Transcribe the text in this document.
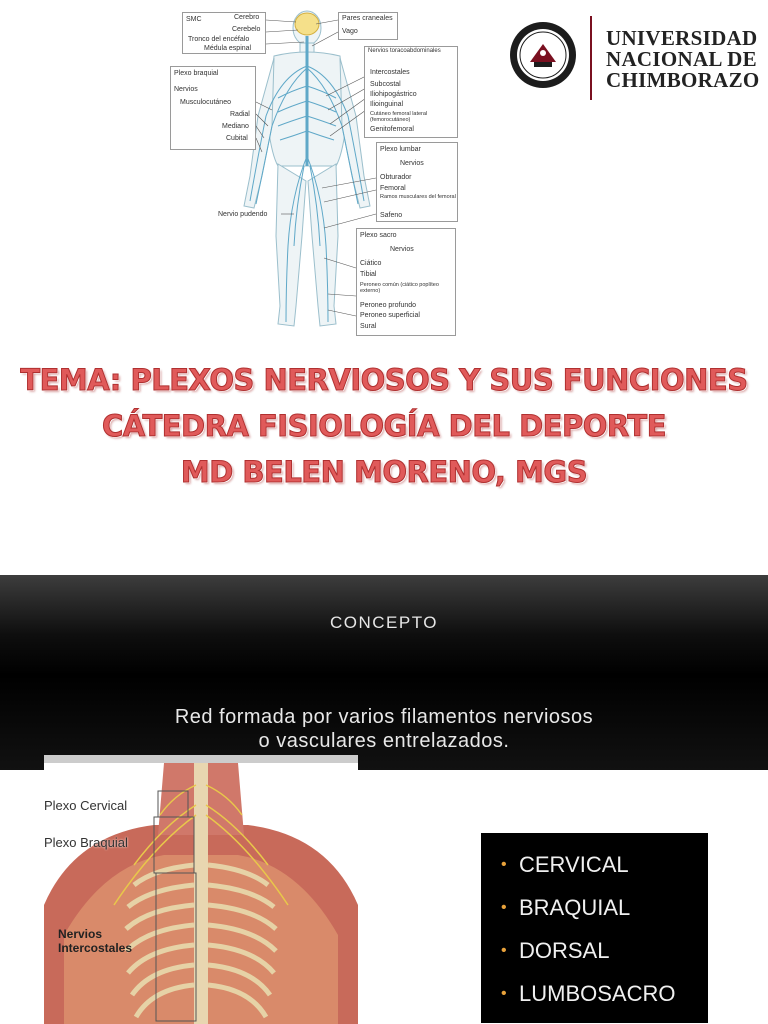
SMC	Cerebro
Cerebelo
Tronco del encéfalo
Médula espinal
Pares craneales
Vago
Nervios toracoabdominales
Intercostales
Subcostal
Iliohipogástrico
Ilioinguinal
Cutáneo femoral lateral (femorocutáneo)
Genitofemoral
Plexo braquial
Nervios
Musculocutáneo
Radial
Mediano
Cubital
Plexo lumbar
Nervios
Obturador
Femoral
Ramos musculares del femoral
Safeno
Nervio pudendo
Plexo sacro
Nervios
Ciático
Tibial
Peroneo común (ciático poplíteo externo)
Peroneo profundo
Peroneo superficial
Sural
UNIVERSIDAD
NACIONAL DE
CHIMBORAZO
TEMA: PLEXOS NERVIOSOS Y SUS FUNCIONES
CÁTEDRA FISIOLOGÍA DEL DEPORTE
MD BELEN MORENO, MGS
CONCEPTO
Red formada por varios filamentos nerviosos
o vasculares entrelazados.
Plexo Cervical
Plexo Braquial
Nervios Intercostales
• CERVICAL
• BRAQUIAL
• DORSAL
• LUMBOSACRO
